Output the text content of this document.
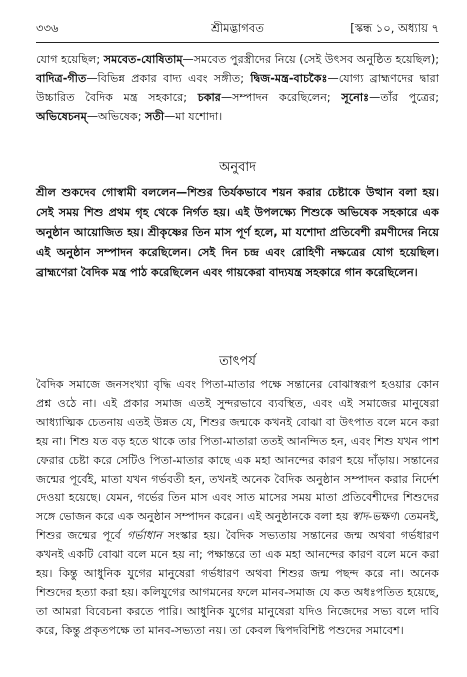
৩৩৬	শ্রীমদ্ভাগবত	[স্কন্ধ ১০, অধ্যায় ৭

যোগ হয়েছিল; সমবেত-যোষিতাম্—সমবেত পুরস্ত্রীদের নিয়ে (সেই উৎসব অনুষ্ঠিত হয়েছিল); বাদিত্র-গীত—বিভিন্ন প্রকার বাদ্য এবং সঙ্গীত; দ্বিজ-মন্ত্র-বাচকৈঃ—যোগ্য ব্রাহ্মণদের দ্বারা উচ্চারিত বৈদিক মন্ত্র সহকারে; চকার—সম্পাদন করেছিলেন; সূনোঃ—তাঁর পুত্রের; অভিষেচনম্—অভিষেক; সতী—মা যশোদা।

অনুবাদ

শ্রীল শুকদেব গোস্বামী বললেন—শিশুর তির্যকভাবে শয়ন করার চেষ্টাকে উত্থান বলা হয়। সেই সময় শিশু প্রথম গৃহ থেকে নির্গত হয়। এই উপলক্ষ্যে শিশুকে অভিষেক সহকারে এক অনুষ্ঠান আয়োজিত হয়। শ্রীকৃষ্ণের তিন মাস পূর্ণ হলে, মা যশোদা প্রতিবেশী রমণীদের নিয়ে এই অনুষ্ঠান সম্পাদন করেছিলেন। সেই দিন চন্দ্র এবং রোহিণী নক্ষত্রের যোগ হয়েছিল। ব্রাহ্মণেরা বৈদিক মন্ত্র পাঠ করেছিলেন এবং গায়কেরা বাদ্যযন্ত্র সহকারে গান করেছিলেন।

তাৎপর্য

বৈদিক সমাজে জনসংখ্যা বৃদ্ধি এবং পিতা-মাতার পক্ষে সন্তানের বোঝাস্বরূপ হওয়ার কোন প্রশ্ন ওঠে না। এই প্রকার সমাজ এতই সুন্দরভাবে ব্যবস্থিত, এবং এই সমাজের মানুষেরা আধ্যাত্মিক চেতনায় এতই উন্নত যে, শিশুর জন্মকে কখনই বোঝা বা উৎপাত বলে মনে করা হয় না। শিশু যত বড় হতে থাকে তার পিতা-মাতারা ততই আনন্দিত হন, এবং শিশু যখন পাশ ফেরার চেষ্টা করে সেটিও পিতা-মাতার কাছে এক মহা আনন্দের কারণ হয়ে দাঁড়ায়। সন্তানের জন্মের পূর্বেই, মাতা যখন গর্ভবতী হন, তখনই অনেক বৈদিক অনুষ্ঠান সম্পাদন করার নির্দেশ দেওয়া হয়েছে। যেমন, গর্ভের তিন মাস এবং সাত মাসের সময় মাতা প্রতিবেশীদের শিশুদের সঙ্গে ভোজন করে এক অনুষ্ঠান সম্পাদন করেন। এই অনুষ্ঠানকে বলা হয় স্বাদ-ভক্ষণ। তেমনই, শিশুর জন্মের পূর্বে গর্ভাধান সংস্কার হয়। বৈদিক সভ্যতায় সন্তানের জন্ম অথবা গর্ভধারণ কখনই একটি বোঝা বলে মনে হয় না; পক্ষান্তরে তা এক মহা আনন্দের কারণ বলে মনে করা হয়। কিন্তু আধুনিক যুগের মানুষেরা গর্ভধারণ অথবা শিশুর জন্ম পছন্দ করে না। অনেক শিশুদের হত্যা করা হয়। কলিযুগের আগমনের ফলে মানব-সমাজ যে কত অধঃপতিত হয়েছে, তা আমরা বিবেচনা করতে পারি। আধুনিক যুগের মানুষেরা যদিও নিজেদের সভ্য বলে দাবি করে, কিন্তু প্রকৃতপক্ষে তা মানব-সভ্যতা নয়। তা কেবল দ্বিপদবিশিষ্ট পশুদের সমাবেশ।
